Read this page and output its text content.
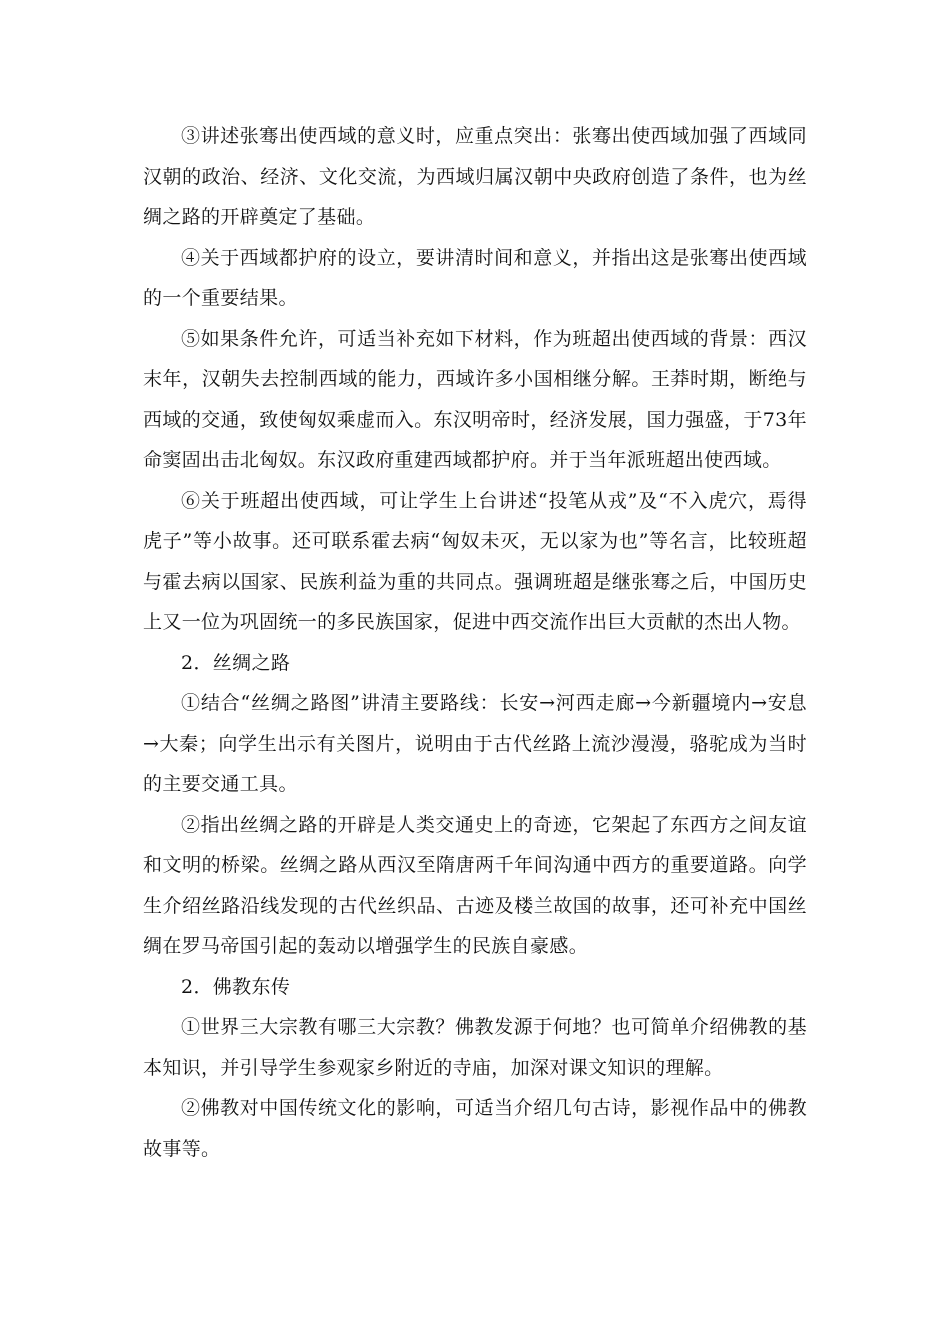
③讲述张骞出使西域的意义时，应重点突出：张骞出使西域加强了西域同汉朝的政治、经济、文化交流，为西域归属汉朝中央政府创造了条件，也为丝绸之路的开辟奠定了基础。

④关于西域都护府的设立，要讲清时间和意义，并指出这是张骞出使西域的一个重要结果。

⑤如果条件允许，可适当补充如下材料，作为班超出使西域的背景：西汉末年，汉朝失去控制西域的能力，西域许多小国相继分解。王莽时期，断绝与西域的交通，致使匈奴乘虚而入。东汉明帝时，经济发展，国力强盛，于73年命窦固出击北匈奴。东汉政府重建西域都护府。并于当年派班超出使西域。

⑥关于班超出使西域，可让学生上台讲述“投笔从戎”及“不入虎穴，焉得虎子”等小故事。还可联系霍去病“匈奴未灭，无以家为也”等名言，比较班超与霍去病以国家、民族利益为重的共同点。强调班超是继张骞之后，中国历史上又一位为巩固统一的多民族国家，促进中西交流作出巨大贡献的杰出人物。

2．丝绸之路

①结合“丝绸之路图”讲清主要路线：长安→河西走廊→今新疆境内→安息→大秦；向学生出示有关图片，说明由于古代丝路上流沙漫漫，骆驼成为当时的主要交通工具。

②指出丝绸之路的开辟是人类交通史上的奇迹，它架起了东西方之间友谊和文明的桥梁。丝绸之路从西汉至隋唐两千年间沟通中西方的重要道路。向学生介绍丝路沿线发现的古代丝织品、古迹及楼兰故国的故事，还可补充中国丝绸在罗马帝国引起的轰动以增强学生的民族自豪感。

2．佛教东传

①世界三大宗教有哪三大宗教？佛教发源于何地？也可简单介绍佛教的基本知识，并引导学生参观家乡附近的寺庙，加深对课文知识的理解。

②佛教对中国传统文化的影响，可适当介绍几句古诗，影视作品中的佛教故事等。
